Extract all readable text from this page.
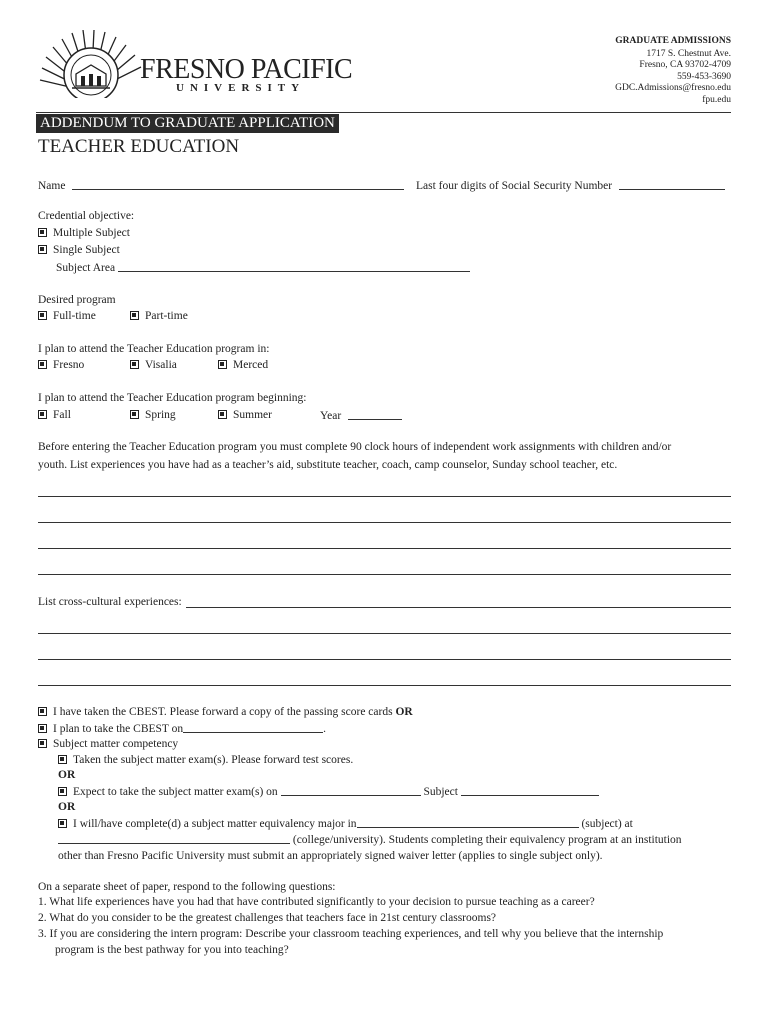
FRESNO PACIFIC
UNIVERSITY
GRADUATE ADMISSIONS
1717 S. Chestnut Ave.
Fresno, CA 93702-4709
559-453-3690
GDC.Admissions@fresno.edu
fpu.edu
ADDENDUM TO GRADUATE APPLICATION
TEACHER EDUCATION
Name	Last four digits of Social Security Number
Credential objective:
Multiple Subject
Single Subject
Subject Area
Desired program
Full-time	Part-time
I plan to attend the Teacher Education program in:
Fresno	Visalia	Merced
I plan to attend the Teacher Education program beginning:
Fall	Spring	Summer	Year
Before entering the Teacher Education program you must complete 90 clock hours of independent work assignments with children and/or
youth. List experiences you have had as a teacher’s aid, substitute teacher, coach, camp counselor, Sunday school teacher, etc.
List cross-cultural experiences:
I have taken the CBEST. Please forward a copy of the passing score cards OR
I plan to take the CBEST on	.
Subject matter competency
Taken the subject matter exam(s). Please forward test scores.
OR
Expect to take the subject matter exam(s) on	Subject
OR
I will/have complete(d) a subject matter equivalency major in	(subject) at
(college/university). Students completing their equivalency program at an institution
other than Fresno Pacific University must submit an appropriately signed waiver letter (applies to single subject only).
On a separate sheet of paper, respond to the following questions:
1. What life experiences have you had that have contributed significantly to your decision to pursue teaching as a career?
2. What do you consider to be the greatest challenges that teachers face in 21st century classrooms?
3. If you are considering the intern program: Describe your classroom teaching experiences, and tell why you believe that the internship
program is the best pathway for you into teaching?
